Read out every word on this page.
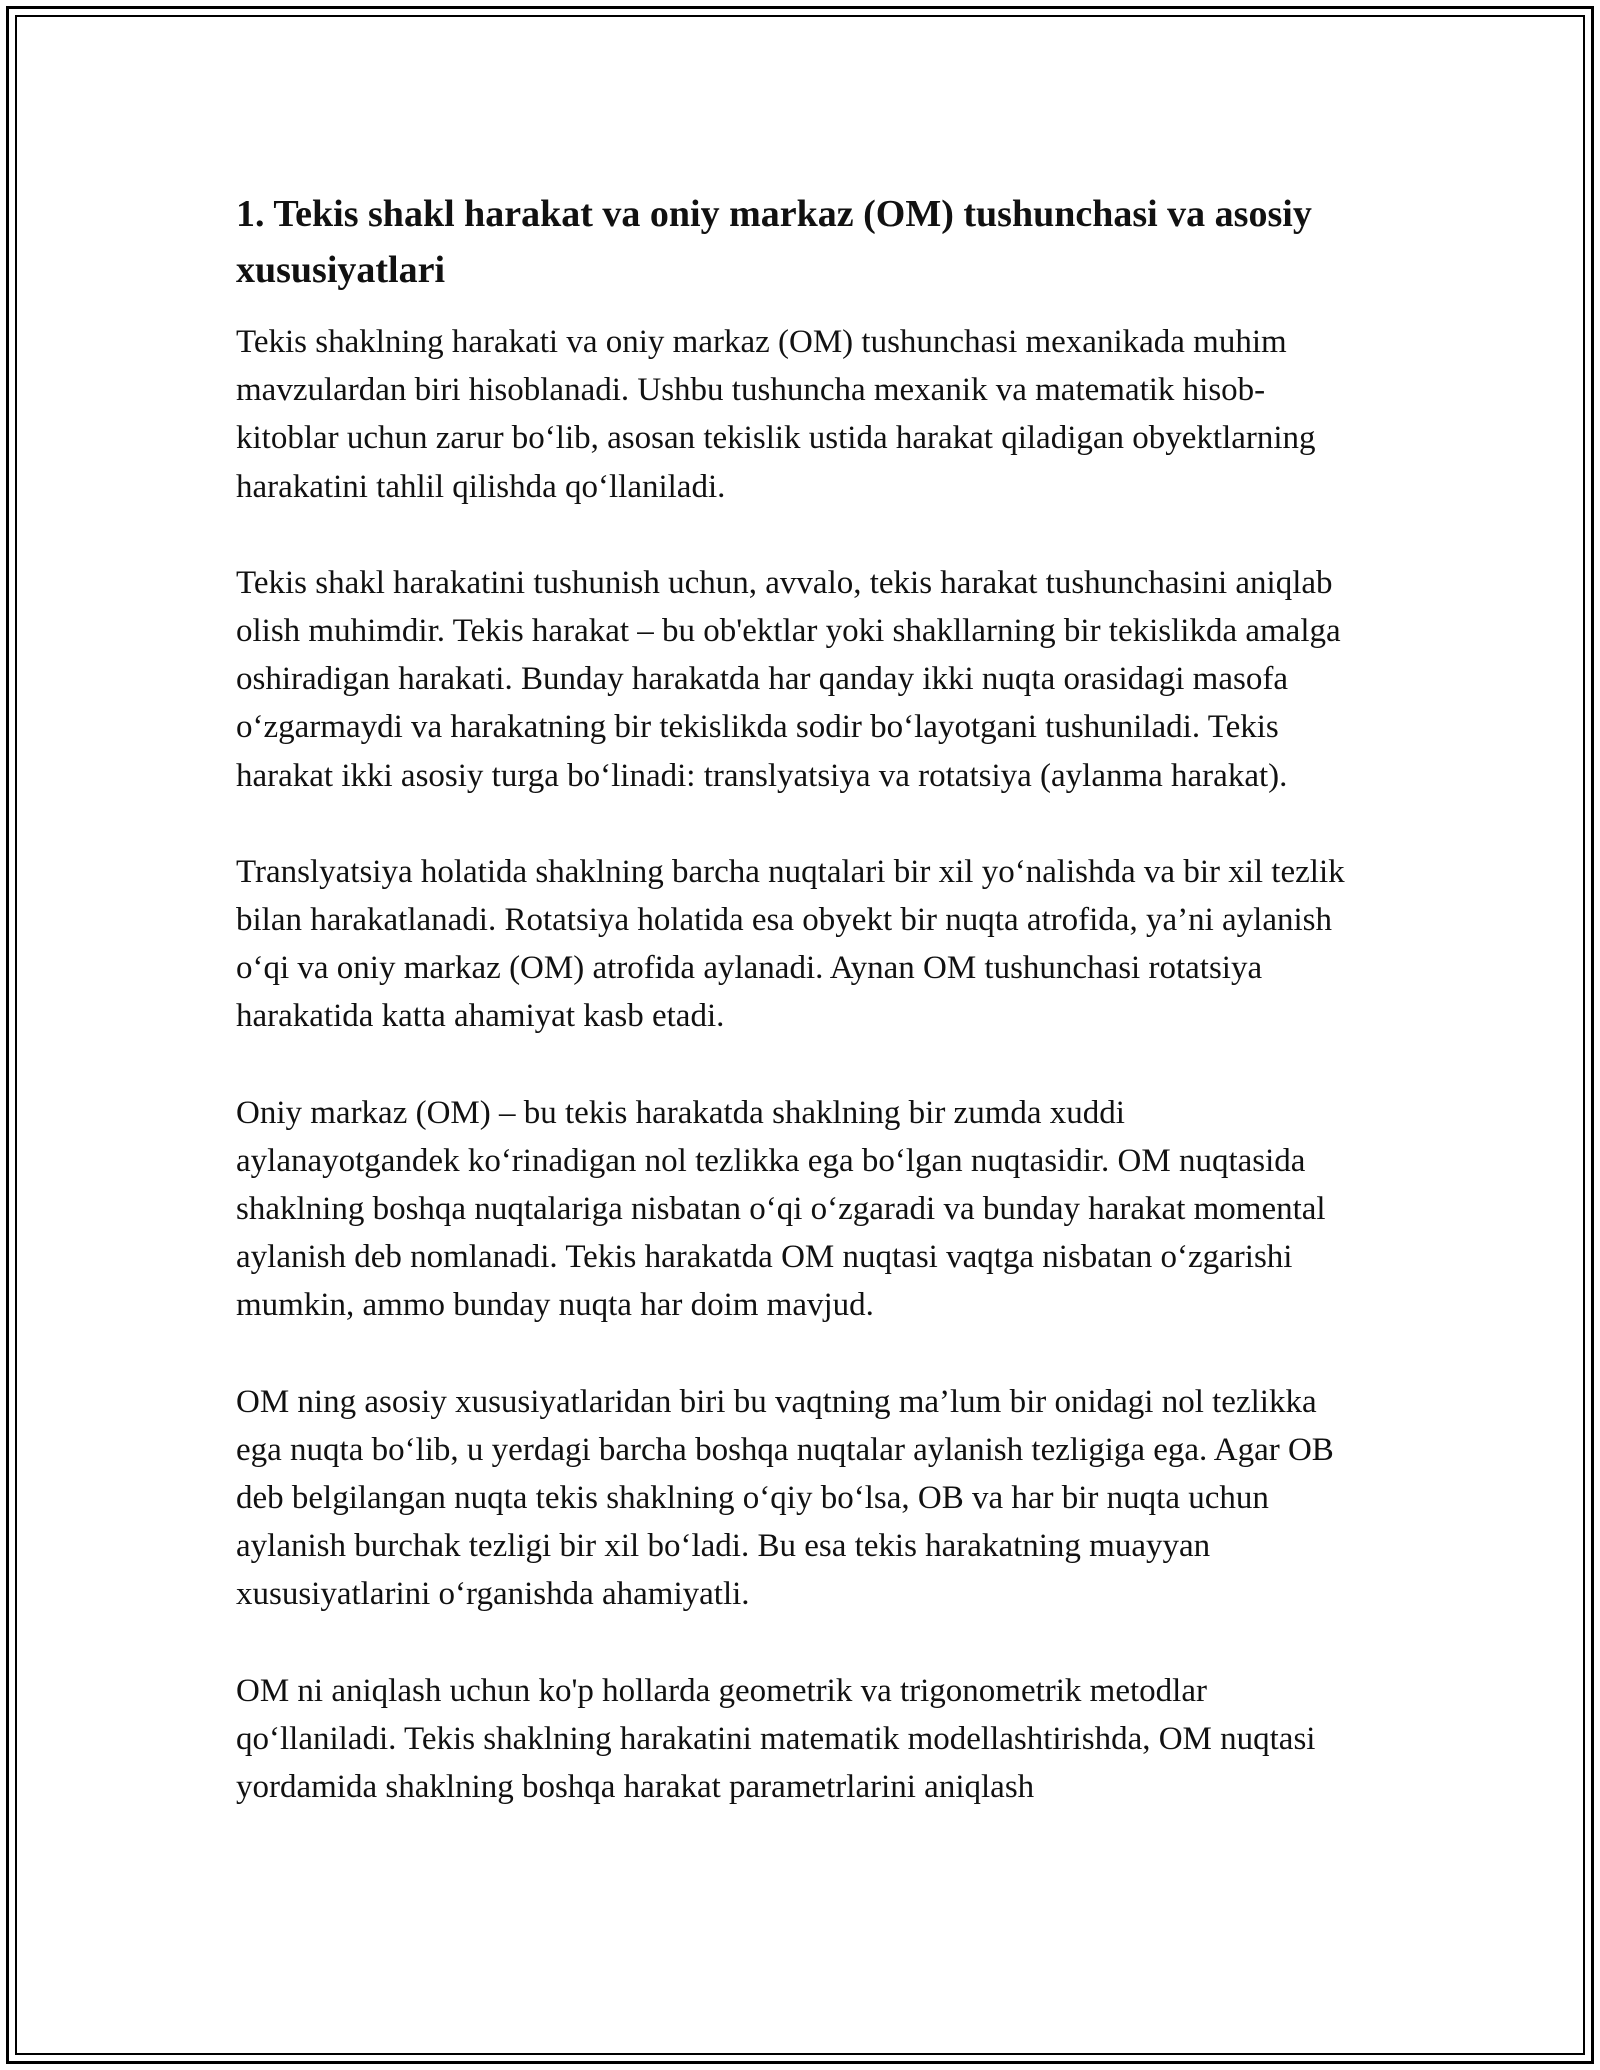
1. Tekis shakl harakat va oniy markaz (OM) tushunchasi va asosiy xususiyatlari

Tekis shaklning harakati va oniy markaz (OM) tushunchasi mexanikada muhim mavzulardan biri hisoblanadi. Ushbu tushuncha mexanik va matematik hisob-kitoblar uchun zarur bo‘lib, asosan tekislik ustida harakat qiladigan obyektlarning harakatini tahlil qilishda qo‘llaniladi.

Tekis shakl harakatini tushunish uchun, avvalo, tekis harakat tushunchasini aniqlab olish muhimdir. Tekis harakat – bu ob'ektlar yoki shakllarning bir tekislikda amalga oshiradigan harakati. Bunday harakatda har qanday ikki nuqta orasidagi masofa o‘zgarmaydi va harakatning bir tekislikda sodir bo‘layotgani tushuniladi. Tekis harakat ikki asosiy turga bo‘linadi: translyatsiya va rotatsiya (aylanma harakat).

Translyatsiya holatida shaklning barcha nuqtalari bir xil yo‘nalishda va bir xil tezlik bilan harakatlanadi. Rotatsiya holatida esa obyekt bir nuqta atrofida, ya’ni aylanish o‘qi va oniy markaz (OM) atrofida aylanadi. Aynan OM tushunchasi rotatsiya harakatida katta ahamiyat kasb etadi.

Oniy markaz (OM) – bu tekis harakatda shaklning bir zumda xuddi aylanayotgandek ko‘rinadigan nol tezlikka ega bo‘lgan nuqtasidir. OM nuqtasida shaklning boshqa nuqtalariga nisbatan o‘qi o‘zgaradi va bunday harakat momental aylanish deb nomlanadi. Tekis harakatda OM nuqtasi vaqtga nisbatan o‘zgarishi mumkin, ammo bunday nuqta har doim mavjud.

OM ning asosiy xususiyatlaridan biri bu vaqtning ma’lum bir onidagi nol tezlikka ega nuqta bo‘lib, u yerdagi barcha boshqa nuqtalar aylanish tezligiga ega. Agar OB deb belgilangan nuqta tekis shaklning o‘qiy bo‘lsa, OB va har bir nuqta uchun aylanish burchak tezligi bir xil bo‘ladi. Bu esa tekis harakatning muayyan xususiyatlarini o‘rganishda ahamiyatli.

OM ni aniqlash uchun ko'p hollarda geometrik va trigonometrik metodlar qo‘llaniladi. Tekis shaklning harakatini matematik modellashtirishda, OM nuqtasi yordamida shaklning boshqa harakat parametrlarini aniqlash
